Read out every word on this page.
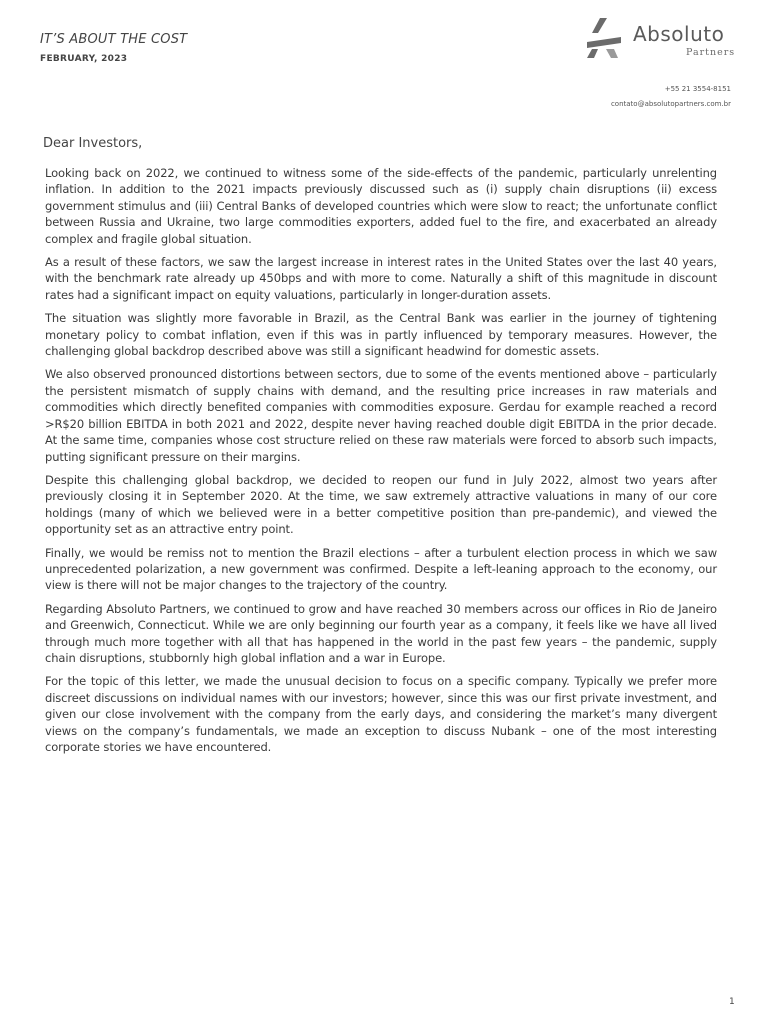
IT’S ABOUT THE COST
FEBRUARY, 2023
Absoluto
Partners
+55 21 3554-8151
contato@absolutopartners.com.br
Dear Investors,

Looking back on 2022, we continued to witness some of the side-effects of the pandemic, particularly unrelenting inflation. In addition to the 2021 impacts previously discussed such as (i) supply chain disruptions (ii) excess government stimulus and (iii) Central Banks of developed countries which were slow to react; the unfortunate conflict between Russia and Ukraine, two large commodities exporters, added fuel to the fire, and exacerbated an already complex and fragile global situation.

As a result of these factors, we saw the largest increase in interest rates in the United States over the last 40 years, with the benchmark rate already up 450bps and with more to come. Naturally a shift of this magnitude in discount rates had a significant impact on equity valuations, particularly in longer-duration assets.

The situation was slightly more favorable in Brazil, as the Central Bank was earlier in the journey of tightening monetary policy to combat inflation, even if this was in partly influenced by temporary measures. However, the challenging global backdrop described above was still a significant headwind for domestic assets.

We also observed pronounced distortions between sectors, due to some of the events mentioned above – particularly the persistent mismatch of supply chains with demand, and the resulting price increases in raw materials and commodities which directly benefited companies with commodities exposure. Gerdau for example reached a record >R$20 billion EBITDA in both 2021 and 2022, despite never having reached double digit EBITDA in the prior decade. At the same time, companies whose cost structure relied on these raw materials were forced to absorb such impacts, putting significant pressure on their margins.

Despite this challenging global backdrop, we decided to reopen our fund in July 2022, almost two years after previously closing it in September 2020. At the time, we saw extremely attractive valuations in many of our core holdings (many of which we believed were in a better competitive position than pre-pandemic), and viewed the opportunity set as an attractive entry point.

Finally, we would be remiss not to mention the Brazil elections – after a turbulent election process in which we saw unprecedented polarization, a new government was confirmed. Despite a left-leaning approach to the economy, our view is there will not be major changes to the trajectory of the country.

Regarding Absoluto Partners, we continued to grow and have reached 30 members across our offices in Rio de Janeiro and Greenwich, Connecticut. While we are only beginning our fourth year as a company, it feels like we have all lived through much more together with all that has happened in the world in the past few years – the pandemic, supply chain disruptions, stubbornly high global inflation and a war in Europe.

For the topic of this letter, we made the unusual decision to focus on a specific company. Typically we prefer more discreet discussions on individual names with our investors; however, since this was our first private investment, and given our close involvement with the company from the early days, and considering the market’s many divergent views on the company’s fundamentals, we made an exception to discuss Nubank – one of the most interesting corporate stories we have encountered.

1
